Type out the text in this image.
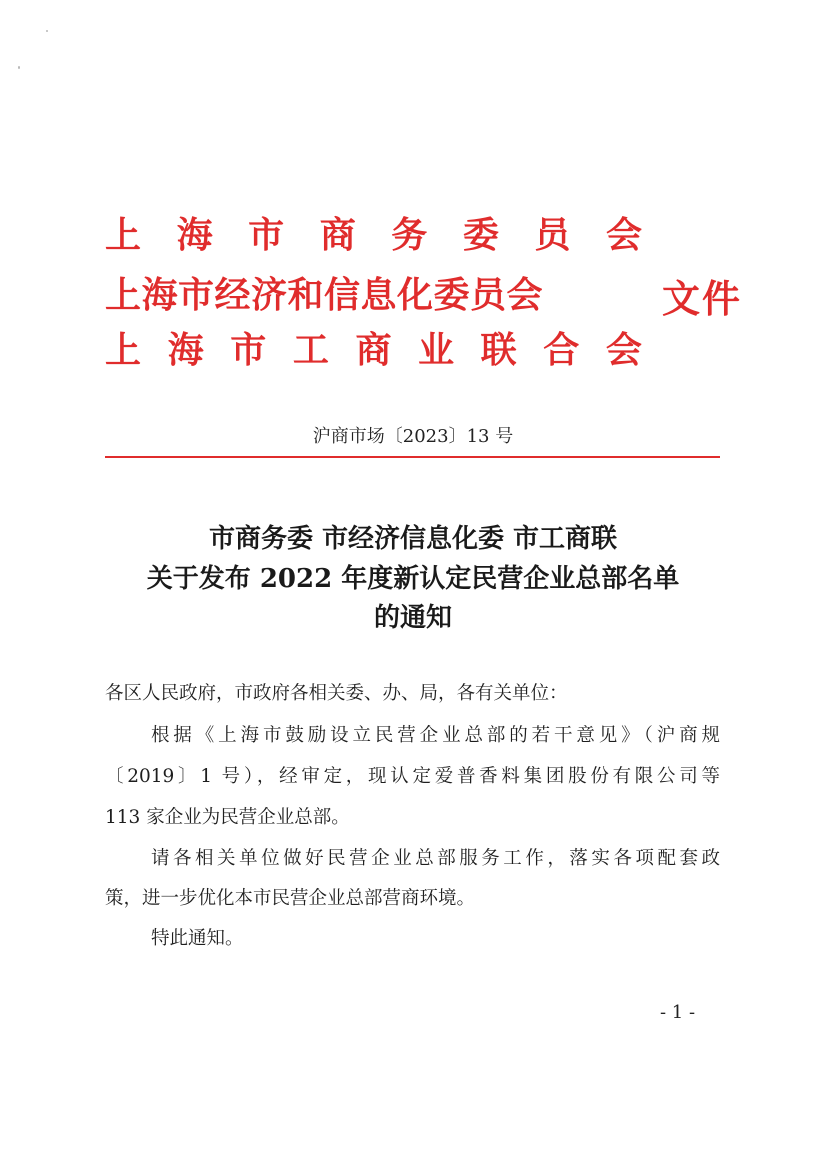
上 海 市 商 务 委 员 会
上海市经济和信息化委员会
上 海 市 工 商 业 联 合 会
文件
沪商市场〔2023〕13 号
市商务委 市经济信息化委 市工商联
关于发布 2022 年度新认定民营企业总部名单
的通知
各区人民政府，市政府各相关委、办、局，各有关单位：
根据《上海市鼓励设立民营企业总部的若干意见》（沪商规
〔2019〕1 号），经审定，现认定爱普香料集团股份有限公司等
113 家企业为民营企业总部。
请各相关单位做好民营企业总部服务工作，落实各项配套政
策，进一步优化本市民营企业总部营商环境。
特此通知。
- 1 -
